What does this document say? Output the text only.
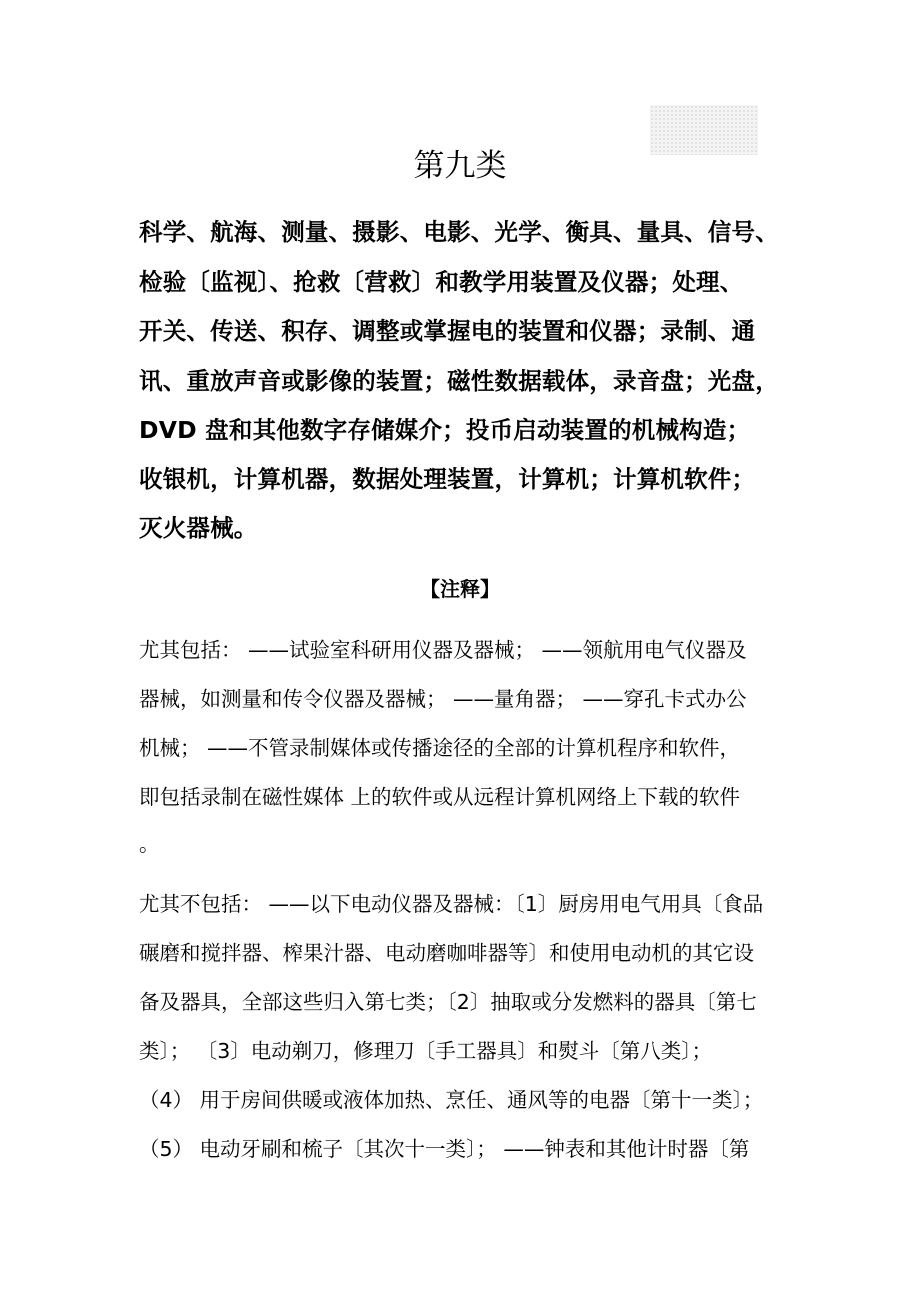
第九类
科学、航海、测量、摄影、电影、光学、衡具、量具、信号、
检验〔监视〕、抢救〔营救〕和教学用装置及仪器；处理、
开关、传送、积存、调整或掌握电的装置和仪器；录制、通
讯、重放声音或影像的装置；磁性数据载体，录音盘；光盘，
DVD 盘和其他数字存储媒介；投币启动装置的机械构造；
收银机，计算机器，数据处理装置，计算机；计算机软件；
灭火器械。
【注释】
尤其包括： ——试验室科研用仪器及器械； ——领航用电气仪器及
器械，如测量和传令仪器及器械； ——量角器； ——穿孔卡式办公
机械； ——不管录制媒体或传播途径的全部的计算机程序和软件，
即包括录制在磁性媒体 上的软件或从远程计算机网络上下载的软件
。
尤其不包括： ——以下电动仪器及器械：〔1〕厨房用电气用具〔食品
碾磨和搅拌器、榨果汁器、电动磨咖啡器等〕和使用电动机的其它设
备及器具，全部这些归入第七类；〔2〕抽取或分发燃料的器具〔第七
类〕； 〔3〕电动剃刀，修理刀〔手工器具〕和熨斗〔第八类〕；
（4） 用于房间供暖或液体加热、烹任、通风等的电器〔第十一类〕；
（5） 电动牙刷和梳子〔其次十一类〕； ——钟表和其他计时器〔第
